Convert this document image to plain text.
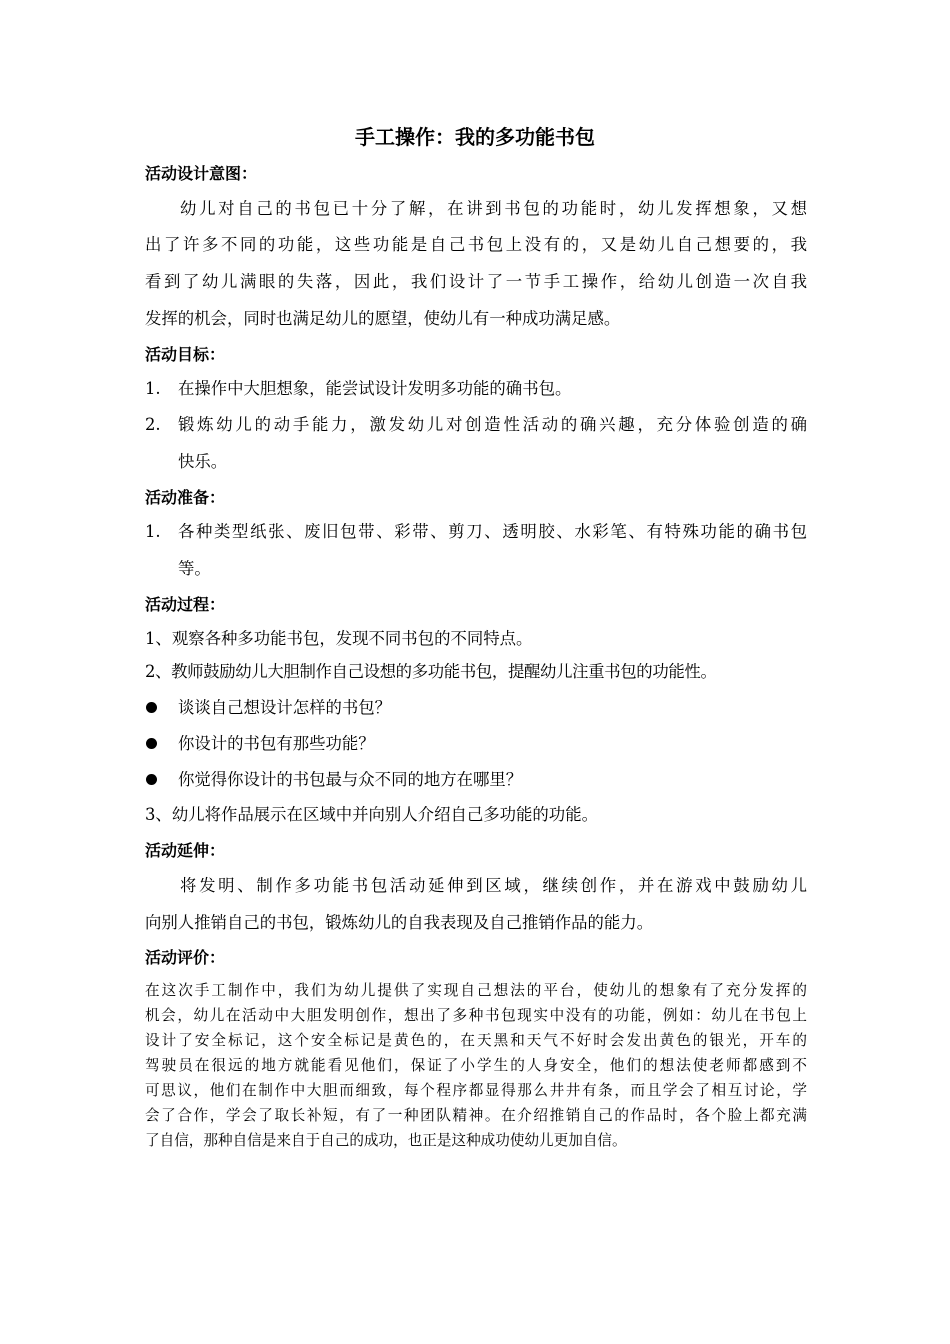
手工操作：我的多功能书包
活动设计意图：
幼儿对自己的书包已十分了解，在讲到书包的功能时，幼儿发挥想象，又想
出了许多不同的功能，这些功能是自己书包上没有的，又是幼儿自己想要的，我
看到了幼儿满眼的失落，因此，我们设计了一节手工操作，给幼儿创造一次自我
发挥的机会，同时也满足幼儿的愿望，使幼儿有一种成功满足感。
活动目标：
1. 在操作中大胆想象，能尝试设计发明多功能的确书包。
2. 锻炼幼儿的动手能力，激发幼儿对创造性活动的确兴趣，充分体验创造的确
快乐。
活动准备：
1. 各种类型纸张、废旧包带、彩带、剪刀、透明胶、水彩笔、有特殊功能的确书包
等。
活动过程：
1、观察各种多功能书包，发现不同书包的不同特点。
2、教师鼓励幼儿大胆制作自己设想的多功能书包，提醒幼儿注重书包的功能性。
谈谈自己想设计怎样的书包？
你设计的书包有那些功能？
你觉得你设计的书包最与众不同的地方在哪里？
3、幼儿将作品展示在区域中并向别人介绍自己多功能的功能。
活动延伸：
将发明、制作多功能书包活动延伸到区域，继续创作，并在游戏中鼓励幼儿
向别人推销自己的书包，锻炼幼儿的自我表现及自己推销作品的能力。
活动评价：
在这次手工制作中，我们为幼儿提供了实现自己想法的平台，使幼儿的想象有了充分发挥的
机会，幼儿在活动中大胆发明创作，想出了多种书包现实中没有的功能，例如：幼儿在书包上
设计了安全标记，这个安全标记是黄色的，在天黑和天气不好时会发出黄色的银光，开车的
驾驶员在很远的地方就能看见他们，保证了小学生的人身安全，他们的想法使老师都感到不
可思议，他们在制作中大胆而细致，每个程序都显得那么井井有条，而且学会了相互讨论，学
会了合作，学会了取长补短，有了一种团队精神。在介绍推销自己的作品时，各个脸上都充满
了自信，那种自信是来自于自己的成功，也正是这种成功使幼儿更加自信。
